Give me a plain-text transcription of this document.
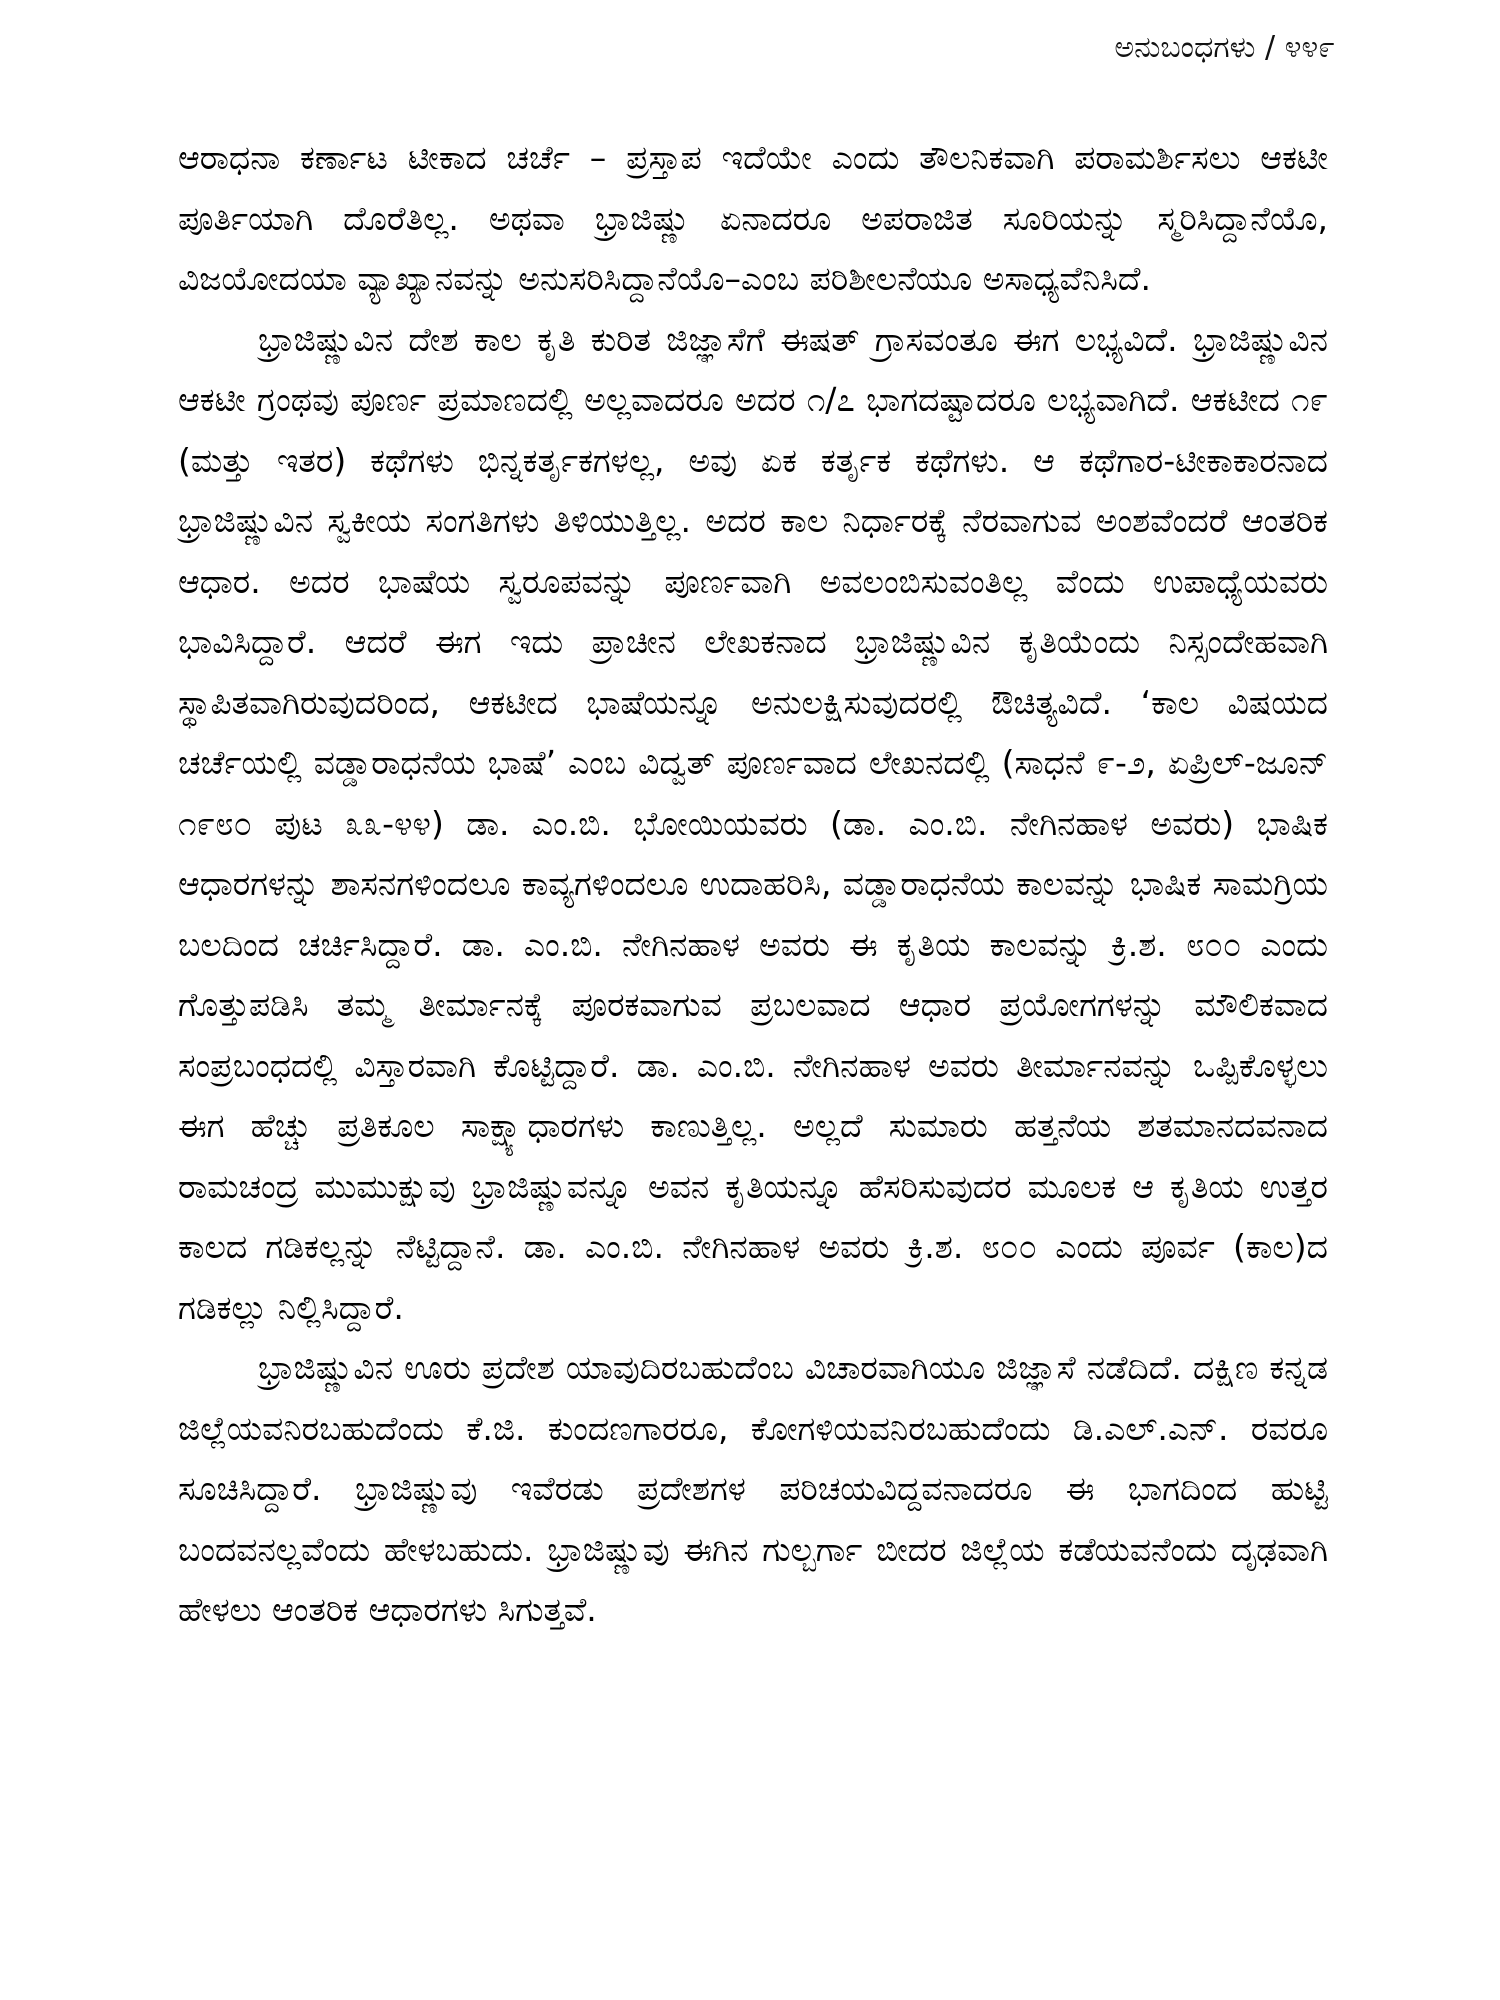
ಅನುಬಂಧಗಳು / ೪೪೯

ಆರಾಧನಾ ಕರ್ಣಾಟ ಟೀಕಾದ ಚರ್ಚೆ – ಪ್ರಸ್ತಾಪ ಇದೆಯೇ ಎಂದು ತೌಲನಿಕವಾಗಿ ಪರಾಮರ್ಶಿಸಲು ಆಕಟೀ ಪೂರ್ತಿಯಾಗಿ ದೊರೆತಿಲ್ಲ. ಅಥವಾ ಭ್ರಾಜಿಷ್ಣು ಏನಾದರೂ ಅಪರಾಜಿತ ಸೂರಿಯನ್ನು ಸ್ಮರಿಸಿದ್ದಾನೆಯೊ, ವಿಜಯೋದಯಾ ವ್ಯಾಖ್ಯಾನವನ್ನು ಅನುಸರಿಸಿದ್ದಾನೆಯೊ–ಎಂಬ ಪರಿಶೀಲನೆಯೂ ಅಸಾಧ್ಯವೆನಿಸಿದೆ.

ಭ್ರಾಜಿಷ್ಣುವಿನ ದೇಶ ಕಾಲ ಕೃತಿ ಕುರಿತ ಜಿಜ್ಞಾಸೆಗೆ ಈಷತ್ ಗ್ರಾಸವಂತೂ ಈಗ ಲಭ್ಯವಿದೆ. ಭ್ರಾಜಿಷ್ಣುವಿನ ಆಕಟೀ ಗ್ರಂಥವು ಪೂರ್ಣ ಪ್ರಮಾಣದಲ್ಲಿ ಅಲ್ಲವಾದರೂ ಅದರ ೧/೭ ಭಾಗದಷ್ಟಾದರೂ ಲಭ್ಯವಾಗಿದೆ. ಆಕಟೀದ ೧೯ (ಮತ್ತು ಇತರ) ಕಥೆಗಳು ಭಿನ್ನಕರ್ತೃಕಗಳಲ್ಲ, ಅವು ಏಕ ಕರ್ತೃಕ ಕಥೆಗಳು. ಆ ಕಥೆಗಾರ-ಟೀಕಾಕಾರನಾದ ಭ್ರಾಜಿಷ್ಣುವಿನ ಸ್ವಕೀಯ ಸಂಗತಿಗಳು ತಿಳಿಯುತ್ತಿಲ್ಲ. ಅದರ ಕಾಲ ನಿರ್ಧಾರಕ್ಕೆ ನೆರವಾಗುವ ಅಂಶವೆಂದರೆ ಆಂತರಿಕ ಆಧಾರ. ಅದರ ಭಾಷೆಯ ಸ್ವರೂಪವನ್ನು ಪೂರ್ಣವಾಗಿ ಅವಲಂಬಿಸುವಂತಿಲ್ಲ ವೆಂದು ಉಪಾಧ್ಯೆಯವರು ಭಾವಿಸಿದ್ದಾರೆ. ಆದರೆ ಈಗ ಇದು ಪ್ರಾಚೀನ ಲೇಖಕನಾದ ಭ್ರಾಜಿಷ್ಣುವಿನ ಕೃತಿಯೆಂದು ನಿಸ್ಸಂದೇಹವಾಗಿ ಸ್ಥಾಪಿತವಾಗಿರುವುದರಿಂದ, ಆಕಟೀದ ಭಾಷೆಯನ್ನೂ ಅನುಲಕ್ಷಿಸುವುದರಲ್ಲಿ ಔಚಿತ್ಯವಿದೆ. ‘ಕಾಲ ವಿಷಯದ ಚರ್ಚೆಯಲ್ಲಿ ವಡ್ಡಾರಾಧನೆಯ ಭಾಷೆ’ ಎಂಬ ವಿದ್ವತ್ ಪೂರ್ಣವಾದ ಲೇಖನದಲ್ಲಿ (ಸಾಧನೆ ೯-೨, ಏಪ್ರಿಲ್-ಜೂನ್ ೧೯೮೦ ಪುಟ ೩೩-೪೪) ಡಾ. ಎಂ.ಬಿ. ಭೋಯಿಯವರು (ಡಾ. ಎಂ.ಬಿ. ನೇಗಿನಹಾಳ ಅವರು) ಭಾಷಿಕ ಆಧಾರಗಳನ್ನು ಶಾಸನಗಳಿಂದಲೂ ಕಾವ್ಯಗಳಿಂದಲೂ ಉದಾಹರಿಸಿ, ವಡ್ಡಾರಾಧನೆಯ ಕಾಲವನ್ನು ಭಾಷಿಕ ಸಾಮಗ್ರಿಯ ಬಲದಿಂದ ಚರ್ಚಿಸಿದ್ದಾರೆ. ಡಾ. ಎಂ.ಬಿ. ನೇಗಿನಹಾಳ ಅವರು ಈ ಕೃತಿಯ ಕಾಲವನ್ನು ಕ್ರಿ.ಶ. ೮೦೦ ಎಂದು ಗೊತ್ತುಪಡಿಸಿ ತಮ್ಮ ತೀರ್ಮಾನಕ್ಕೆ ಪೂರಕವಾಗುವ ಪ್ರಬಲವಾದ ಆಧಾರ ಪ್ರಯೋಗಗಳನ್ನು ಮೌಲಿಕವಾದ ಸಂಪ್ರಬಂಧದಲ್ಲಿ ವಿಸ್ತಾರವಾಗಿ ಕೊಟ್ಟಿದ್ದಾರೆ. ಡಾ. ಎಂ.ಬಿ. ನೇಗಿನಹಾಳ ಅವರು ತೀರ್ಮಾನವನ್ನು ಒಪ್ಪಿಕೊಳ್ಳಲು ಈಗ ಹೆಚ್ಚು ಪ್ರತಿಕೂಲ ಸಾಕ್ಷ್ಯಾಧಾರಗಳು ಕಾಣುತ್ತಿಲ್ಲ. ಅಲ್ಲದೆ ಸುಮಾರು ಹತ್ತನೆಯ ಶತಮಾನದವನಾದ ರಾಮಚಂದ್ರ ಮುಮುಕ್ಷುವು ಭ್ರಾಜಿಷ್ಣುವನ್ನೂ ಅವನ ಕೃತಿಯನ್ನೂ ಹೆಸರಿಸುವುದರ ಮೂಲಕ ಆ ಕೃತಿಯ ಉತ್ತರ ಕಾಲದ ಗಡಿಕಲ್ಲನ್ನು ನೆಟ್ಟಿದ್ದಾನೆ. ಡಾ. ಎಂ.ಬಿ. ನೇಗಿನಹಾಳ ಅವರು ಕ್ರಿ.ಶ. ೮೦೦ ಎಂದು ಪೂರ್ವ (ಕಾಲ)ದ ಗಡಿಕಲ್ಲು ನಿಲ್ಲಿಸಿದ್ದಾರೆ.

ಭ್ರಾಜಿಷ್ಣುವಿನ ಊರು ಪ್ರದೇಶ ಯಾವುದಿರಬಹುದೆಂಬ ವಿಚಾರವಾಗಿಯೂ ಜಿಜ್ಞಾಸೆ ನಡೆದಿದೆ. ದಕ್ಷಿಣ ಕನ್ನಡ ಜಿಲ್ಲೆಯವನಿರಬಹುದೆಂದು ಕೆ.ಜಿ. ಕುಂದಣಗಾರರೂ, ಕೋಗಳಿಯವನಿರಬಹುದೆಂದು ಡಿ.ಎಲ್.ಎನ್. ರವರೂ ಸೂಚಿಸಿದ್ದಾರೆ. ಭ್ರಾಜಿಷ್ಣುವು ಇವೆರಡು ಪ್ರದೇಶಗಳ ಪರಿಚಯವಿದ್ದವನಾದರೂ ಈ ಭಾಗದಿಂದ ಹುಟ್ಟಿ ಬಂದವನಲ್ಲವೆಂದು ಹೇಳಬಹುದು. ಭ್ರಾಜಿಷ್ಣುವು ಈಗಿನ ಗುಲ್ಬರ್ಗಾ ಬೀದರ ಜಿಲ್ಲೆಯ ಕಡೆಯವನೆಂದು ದೃಢವಾಗಿ ಹೇಳಲು ಆಂತರಿಕ ಆಧಾರಗಳು ಸಿಗುತ್ತವೆ.
